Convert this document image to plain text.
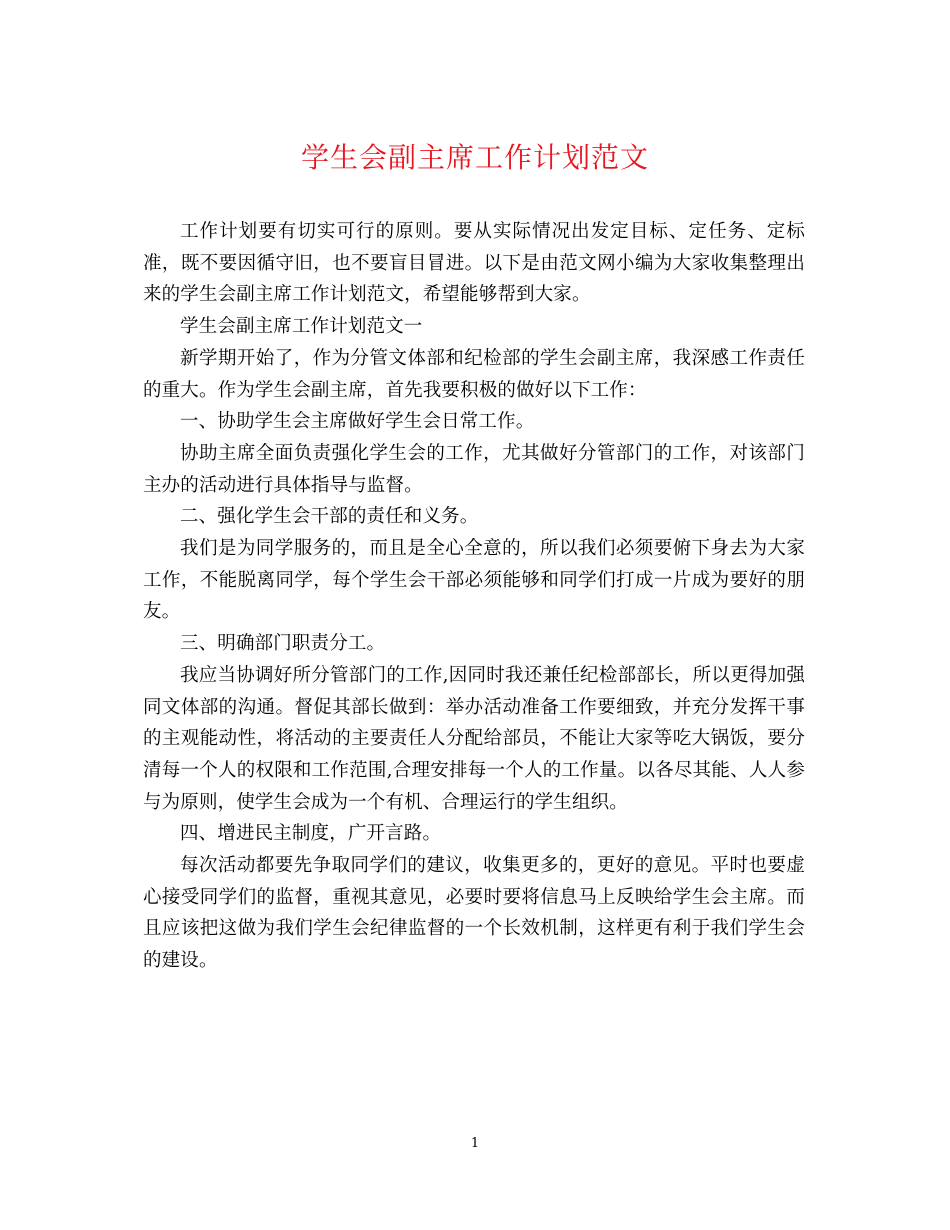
学生会副主席工作计划范文

工作计划要有切实可行的原则。要从实际情况出发定目标、定任务、定标准，既不要因循守旧，也不要盲目冒进。以下是由范文网小编为大家收集整理出来的学生会副主席工作计划范文，希望能够帮到大家。

学生会副主席工作计划范文一

新学期开始了，作为分管文体部和纪检部的学生会副主席，我深感工作责任的重大。作为学生会副主席，首先我要积极的做好以下工作：

一、协助学生会主席做好学生会日常工作。

协助主席全面负责强化学生会的工作，尤其做好分管部门的工作，对该部门主办的活动进行具体指导与监督。

二、强化学生会干部的责任和义务。

我们是为同学服务的，而且是全心全意的，所以我们必须要俯下身去为大家工作，不能脱离同学，每个学生会干部必须能够和同学们打成一片成为要好的朋友。

三、明确部门职责分工。

我应当协调好所分管部门的工作,因同时我还兼任纪检部部长，所以更得加强同文体部的沟通。督促其部长做到：举办活动准备工作要细致，并充分发挥干事的主观能动性，将活动的主要责任人分配给部员，不能让大家等吃大锅饭，要分清每一个人的权限和工作范围,合理安排每一个人的工作量。以各尽其能、人人参与为原则，使学生会成为一个有机、合理运行的学生组织。

四、增进民主制度，广开言路。

每次活动都要先争取同学们的建议，收集更多的，更好的意见。平时也要虚心接受同学们的监督，重视其意见，必要时要将信息马上反映给学生会主席。而且应该把这做为我们学生会纪律监督的一个长效机制，这样更有利于我们学生会的建设。

1
